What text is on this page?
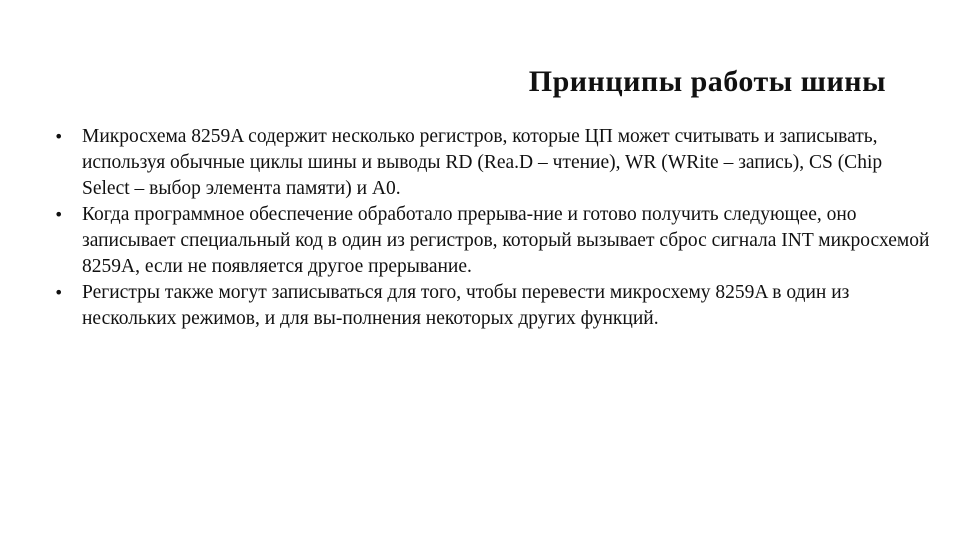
Принципы работы шины
• Микросхема 8259A содержит несколько регистров, которые ЦП может считывать и записывать, используя обычные циклы шины и выводы RD (Rea.D – чтение), WR (WRite – запись), CS (Chip Select – выбор элемента памяти) и A0.
• Когда программное обеспечение обработало прерыва-ние и готово получить следующее, оно записывает специальный код в один из регистров, который вызывает сброс сигнала INT микросхемой 8259A, если не появляется другое прерывание.
• Регистры также могут записываться для того, чтобы перевести микросхему 8259A в один из нескольких режимов, и для вы-полнения некоторых других функций.
